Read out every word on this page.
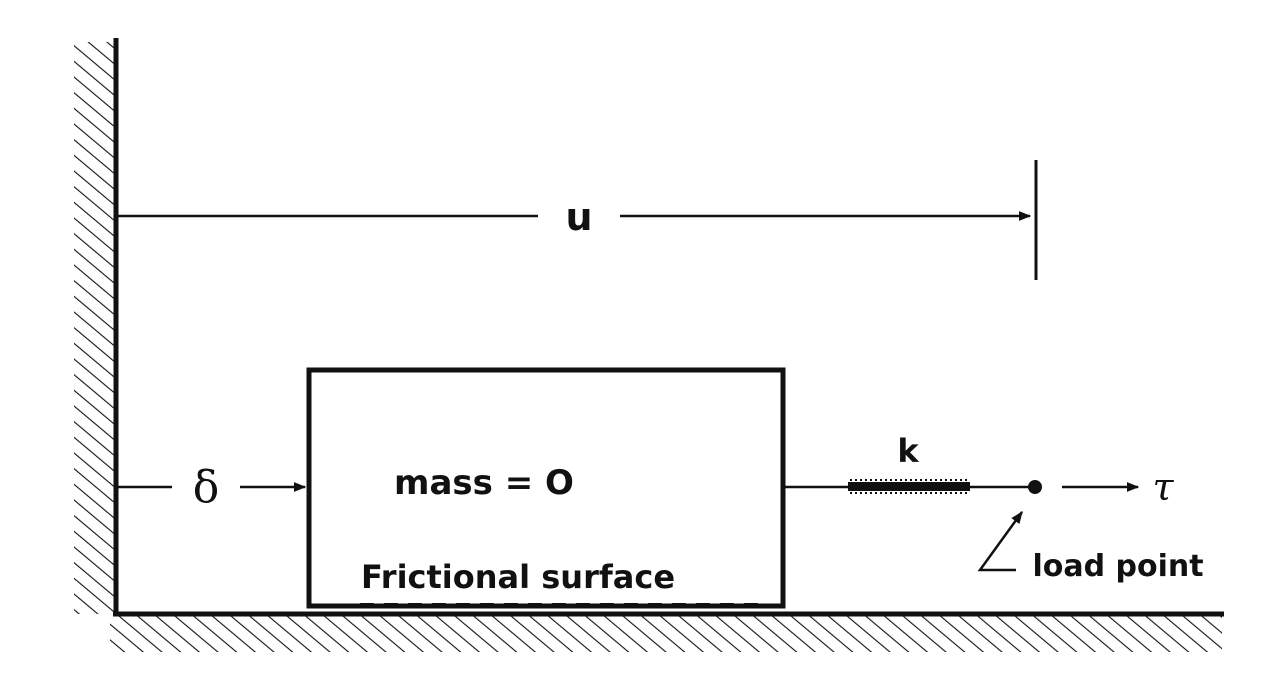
u
mass = O
Frictional surface
δ
k
τ
load point
